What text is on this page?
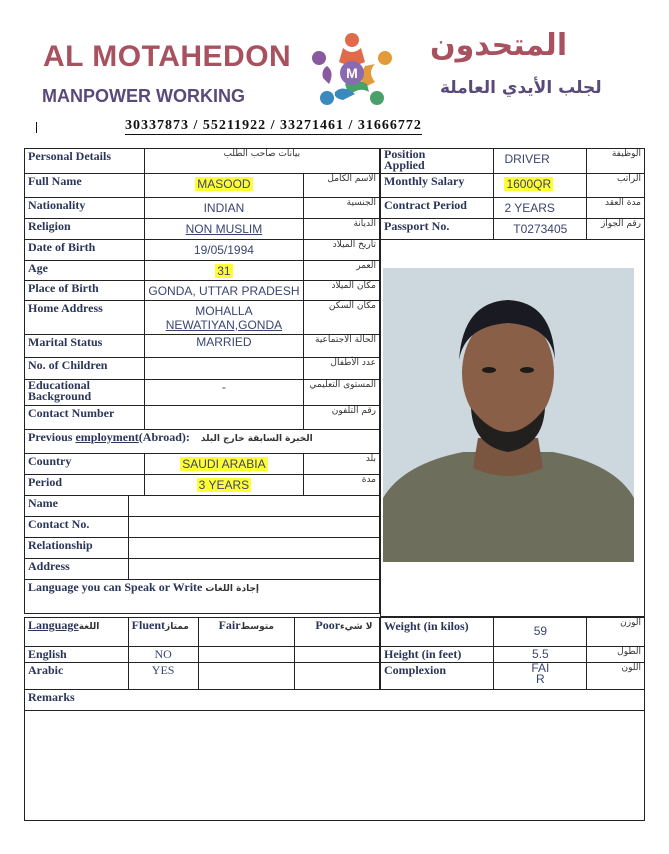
AL MOTAHEDON
MANPOWER WORKING
M
المتحدون
لجلب الأيدي العاملة
30337873 / 55211922 / 33271461 / 31666772
Personal Details	بيانات صاحب الطلب	
Full Name	MASOOD	الاسم الكامل
Nationality	INDIAN	الجنسية
Religion	NON MUSLIM	الديانة
Date of Birth	19/05/1994	تاريخ الميلاد
Age	31	العمر
Place of Birth	GONDA, UTTAR PRADESH	مكان الميلاد
Home Address	MOHALLA
NEWATIYAN,GONDA	مكان السكن
Marital Status	MARRIED	الحالة الاجتماعية
No. of Children		عدد الأطفال

Educational
Background	-	المستوى التعليمي
Contact Number		رقم التلفون
Previous employment(Abroad): الخبرة السابقة خارج البلد		
Country	SAUDI ARABIA	بلد
Period	3 YEARS	مدة
Name	
Contact No.	
Relationship	
Address	
Language you can Speak or Write إجادة اللغات	
Position
Applied	DRIVER	الوظيفة
Monthly Salary	1600QR	الراتب
Contract Period	2 YEARS	مدة العقد
Passport No.	T0273405	رقم الجواز
Languageاللغة	Fluentممتاز	Fairمتوسط	Poorلا شيء
English	NO		
Arabic	YES		
Weight (in kilos)	59	الوزن
Height (in feet)	5.5	الطول
Complexion	FAIR	اللون
Remarks
